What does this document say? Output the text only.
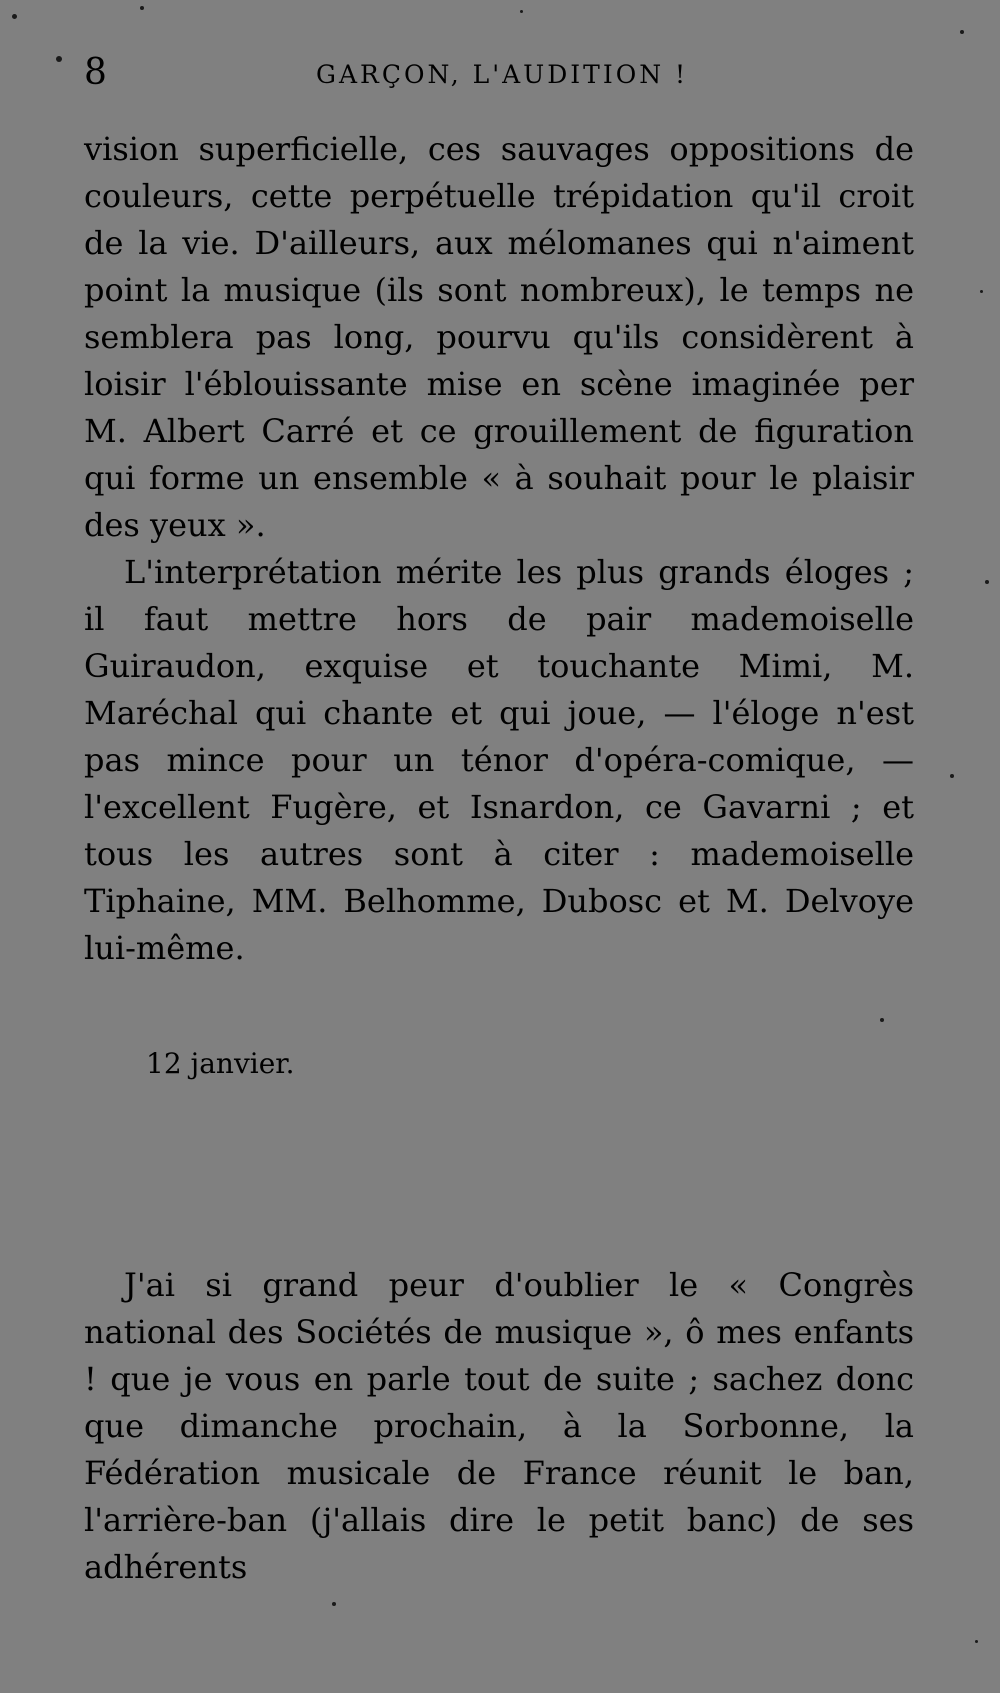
8	GARÇON, L'AUDITION !

vision superficielle, ces sauvages oppositions de couleurs, cette perpétuelle trépidation qu'il croit de la vie. D'ailleurs, aux mélomanes qui n'aiment point la musique (ils sont nombreux), le temps ne semblera pas long, pourvu qu'ils considèrent à loisir l'éblouissante mise en scène imaginée per M. Albert Carré et ce grouillement de figuration qui forme un ensemble « à souhait pour le plaisir des yeux ».

L'interprétation mérite les plus grands éloges ; il faut mettre hors de pair mademoiselle Guiraudon, exquise et touchante Mimi, M. Maréchal qui chante et qui joue, — l'éloge n'est pas mince pour un ténor d'opéra-comique, — l'excellent Fugère, et Isnardon, ce Gavarni ; et tous les autres sont à citer : mademoiselle Tiphaine, MM. Belhomme, Dubosc et M. Delvoye lui-même.

12 janvier.

J'ai si grand peur d'oublier le « Congrès national des Sociétés de musique », ô mes enfants ! que je vous en parle tout de suite ; sachez donc que dimanche prochain, à la Sorbonne, la Fédération musicale de France réunit le ban, l'arrière-ban (j'allais dire le petit banc) de ses adhérents
